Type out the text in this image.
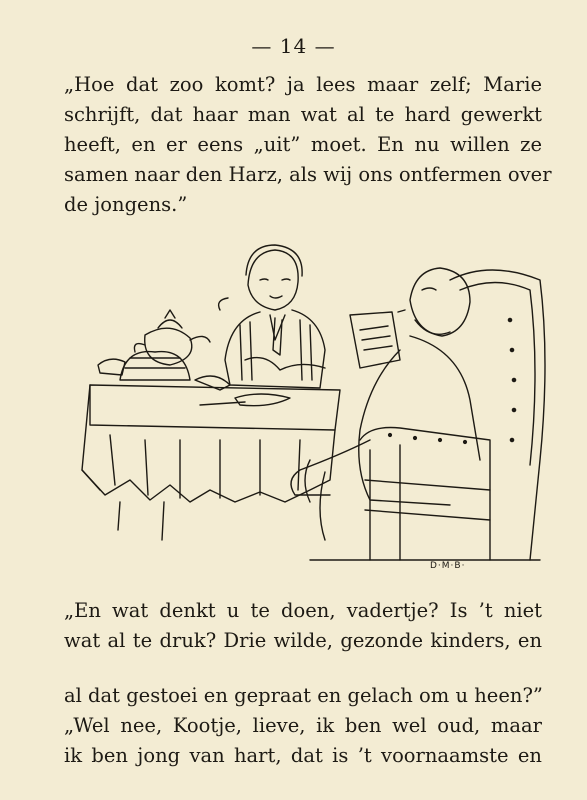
— 14 —
„Hoe dat zoo komt? ja lees maar zelf; Marie
schrijft, dat haar man wat al te hard gewerkt
heeft, en er eens „uit” moet. En nu willen ze
samen naar den Harz, als wij ons ontfermen over
de jongens.”
D·M·B·
„En wat denkt u te doen, vadertje? Is ’t niet
wat al te druk? Drie wilde, gezonde kinders, en
al dat gestoei en gepraat en gelach om u heen?”
„Wel nee, Kootje, lieve, ik ben wel oud, maar
ik ben jong van hart, dat is ’t voornaamste en
